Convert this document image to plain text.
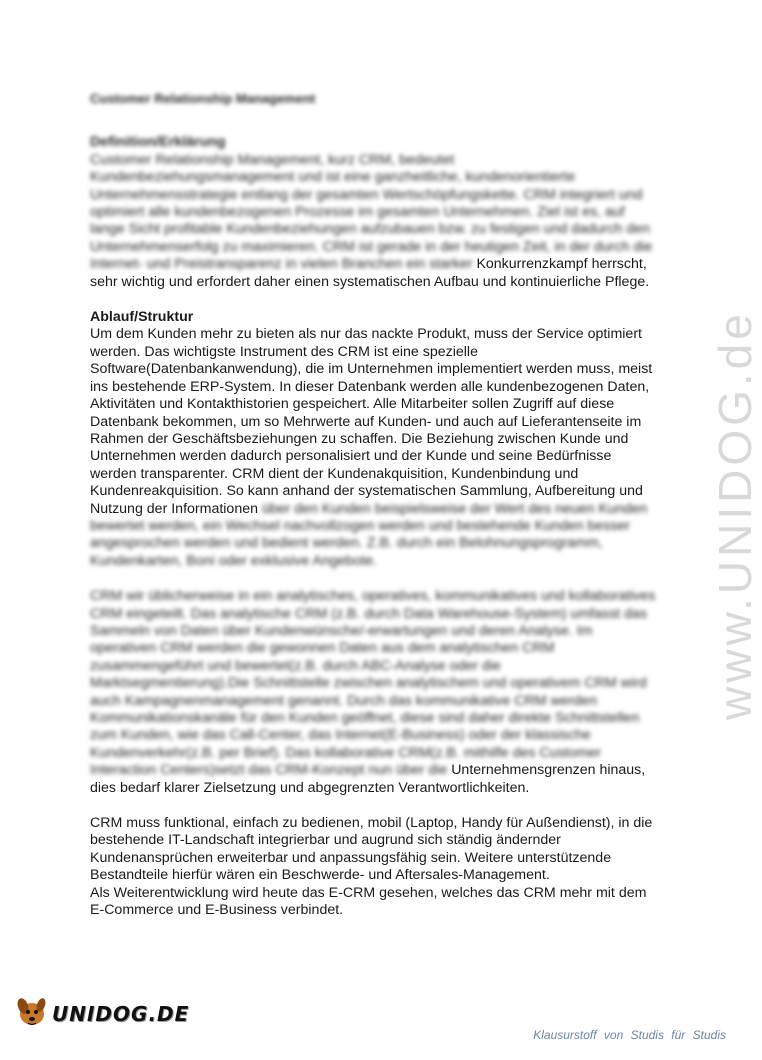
www.UNIDOG.de

Customer Relationship Management

Definition/Erklärung

Customer Relationship Management, kurz CRM, bedeutet Kundenbeziehungsmanagement und ist eine ganzheitliche, kundenorientierte Unternehmensstrategie entlang der gesamten Wertschöpfungskette. CRM integriert und optimiert alle kundenbezogenen Prozesse im gesamten Unternehmen. Ziel ist es, auf lange Sicht profitable Kundenbeziehungen aufzubauen bzw. zu festigen und dadurch den Unternehmenserfolg zu maximieren. CRM ist gerade in der heutigen Zeit, in der durch die Internet- und Preistransparenz in vielen Branchen ein starker Konkurrenzkampf herrscht, sehr wichtig und erfordert daher einen systematischen Aufbau und kontinuierliche Pflege.

Ablauf/Struktur

Um dem Kunden mehr zu bieten als nur das nackte Produkt, muss der Service optimiert werden. Das wichtigste Instrument des CRM ist eine spezielle Software(Datenbankanwendung), die im Unternehmen implementiert werden muss, meist ins bestehende ERP-System. In dieser Datenbank werden alle kundenbezogenen Daten, Aktivitäten und Kontakthistorien gespeichert. Alle Mitarbeiter sollen Zugriff auf diese Datenbank bekommen, um so Mehrwerte auf Kunden- und auch auf Lieferantenseite im Rahmen der Geschäftsbeziehungen zu schaffen. Die Beziehung zwischen Kunde und Unternehmen werden dadurch personalisiert und der Kunde und seine Bedürfnisse werden transparenter. CRM dient der Kundenakquisition, Kundenbindung und Kundenreakquisition. So kann anhand der systematischen Sammlung, Aufbereitung und Nutzung der Informationen über den Kunden beispielsweise der Wert des neuen Kunden bewertet werden, ein Wechsel nachvollzogen werden und bestehende Kunden besser angesprochen werden und bedient werden. Z.B. durch ein Belohnungsprogramm, Kundenkarten, Boni oder exklusive Angebote.
CRM wir üblicherweise in ein analytisches, operatives, kommunikatives und kollaboratives CRM eingeteilt. Das analytische CRM (z.B. durch Data Warehouse-System) umfasst das Sammeln von Daten über Kundenwünsche/-erwartungen und deren Analyse. Im operativen CRM werden die gewonnen Daten aus dem analytischen CRM zusammengeführt und bewertet(z.B. durch ABC-Analyse oder die Marktsegmentierung).Die Schnittstelle zwischen analytischem und operativem CRM wird auch Kampagnenmanagement genannt. Durch das kommunikative CRM werden Kommunikationskanäle für den Kunden geöffnet, diese sind daher direkte Schnittstellen zum Kunden, wie das Call-Center, das Internet(E-Business) oder der klassische Kundenverkehr(z.B. per Brief). Das kollaborative CRM(z.B. mithilfe des Customer Interaction Centers)setzt das CRM-Konzept nun über die Unternehmensgrenzen hinaus, dies bedarf klarer Zielsetzung und abgegrenzten Verantwortlichkeiten.

CRM muss funktional, einfach zu bedienen, mobil (Laptop, Handy für Außendienst), in die bestehende IT-Landschaft integrierbar und augrund sich ständig ändernder Kundenansprüchen erweiterbar und anpassungsfähig sein. Weitere unterstützende Bestandteile hierfür wären ein Beschwerde- und Aftersales-Management.

Als Weiterentwicklung wird heute das E-CRM gesehen, welches das CRM mehr mit dem E-Commerce und E-Business verbindet.

UNIDOG.DE
Klausurstoff von Studis für Studis
